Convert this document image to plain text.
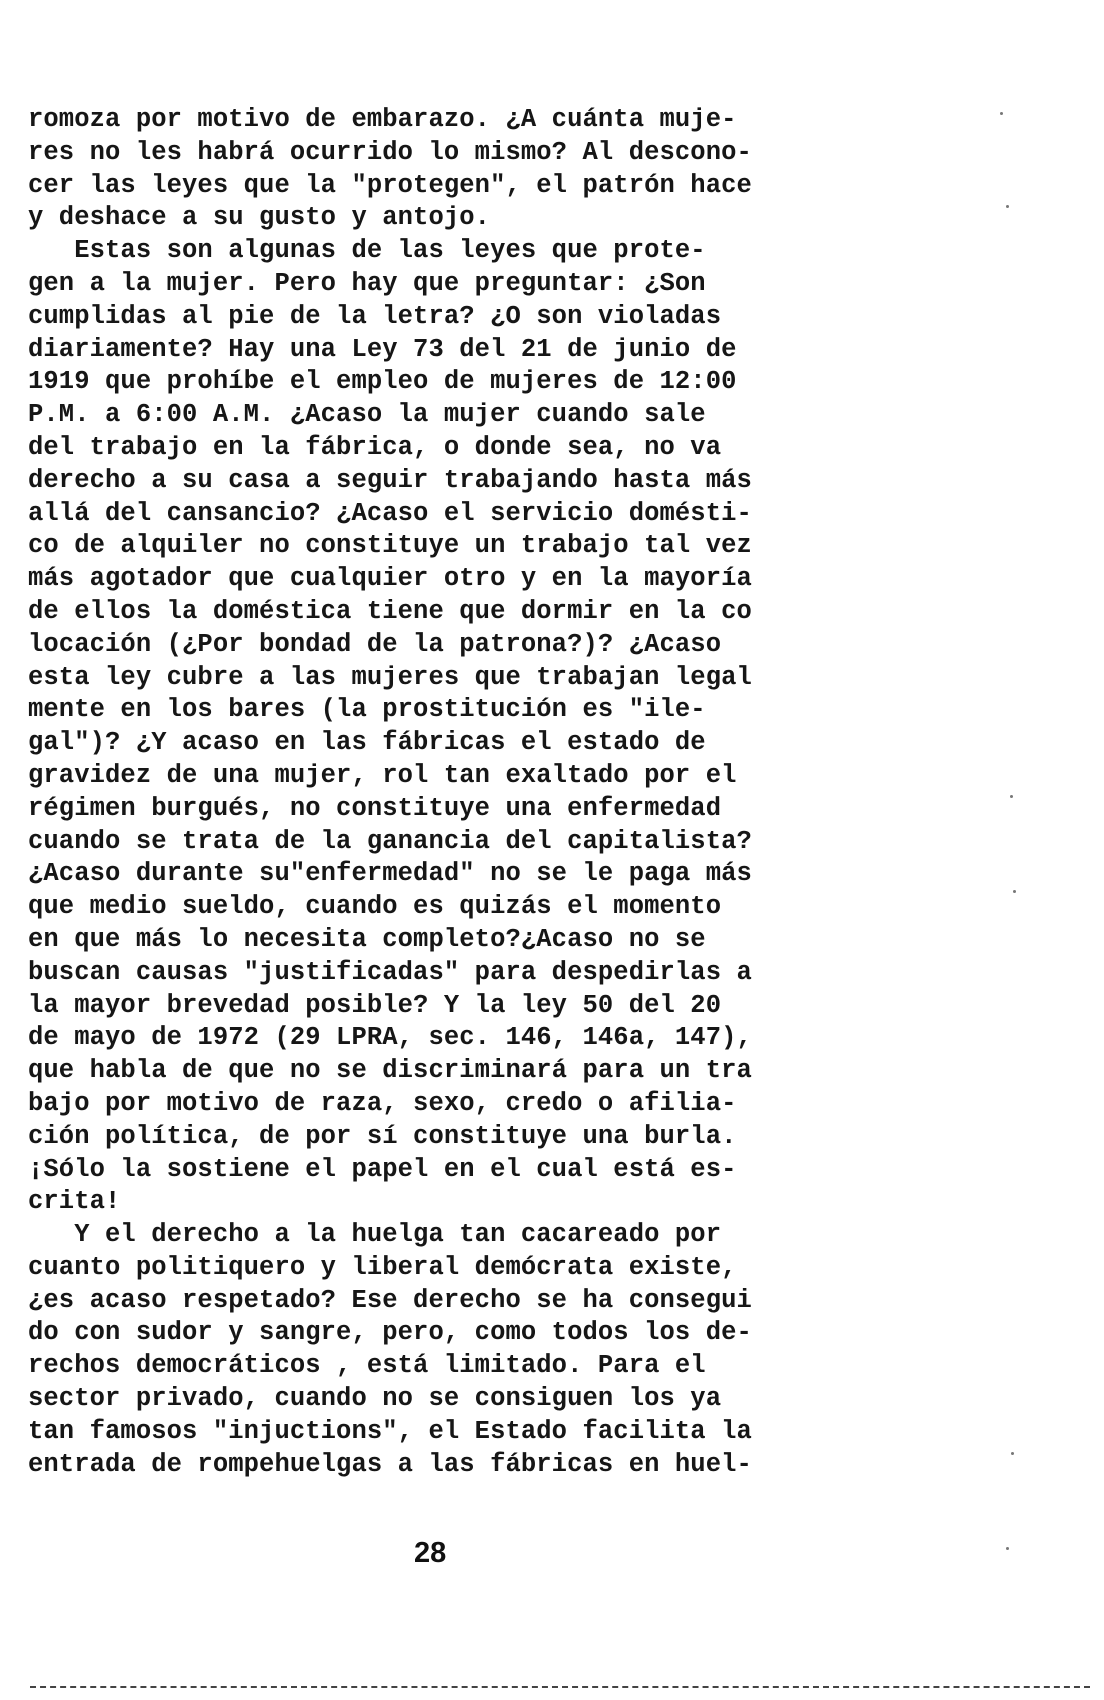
romoza por motivo de embarazo. ¿A cuánta muje-
res no les habrá ocurrido lo mismo? Al descono-
cer las leyes que la "protegen", el patrón hace
y deshace a su gusto y antojo.
Estas son algunas de las leyes que prote-
gen a la mujer. Pero hay que preguntar: ¿Son
cumplidas al pie de la letra? ¿O son violadas
diariamente? Hay una Ley 73 del 21 de junio de
1919 que prohíbe el empleo de mujeres de 12:00
P.M. a 6:00 A.M. ¿Acaso la mujer cuando sale
del trabajo en la fábrica, o donde sea, no va
derecho a su casa a seguir trabajando hasta más
allá del cansancio? ¿Acaso el servicio domésti-
co de alquiler no constituye un trabajo tal vez
más agotador que cualquier otro y en la mayoría
de ellos la doméstica tiene que dormir en la co
locación (¿Por bondad de la patrona?)? ¿Acaso
esta ley cubre a las mujeres que trabajan legal
mente en los bares (la prostitución es "ile-
gal")? ¿Y acaso en las fábricas el estado de
gravidez de una mujer, rol tan exaltado por el
régimen burgués, no constituye una enfermedad
cuando se trata de la ganancia del capitalista?
¿Acaso durante su"enfermedad" no se le paga más
que medio sueldo, cuando es quizás el momento
en que más lo necesita completo?¿Acaso no se
buscan causas "justificadas" para despedirlas a
la mayor brevedad posible? Y la ley 50 del 20
de mayo de 1972 (29 LPRA, sec. 146, 146a, 147),
que habla de que no se discriminará para un tra
bajo por motivo de raza, sexo, credo o afilia-
ción política, de por sí constituye una burla.
¡Sólo la sostiene el papel en el cual está es-
crita!
Y el derecho a la huelga tan cacareado por
cuanto politiquero y liberal demócrata existe,
¿es acaso respetado? Ese derecho se ha consegui
do con sudor y sangre, pero, como todos los de-
rechos democráticos , está limitado. Para el
sector privado, cuando no se consiguen los ya
tan famosos "injuctions", el Estado facilita la
entrada de rompehuelgas a las fábricas en huel-
28
